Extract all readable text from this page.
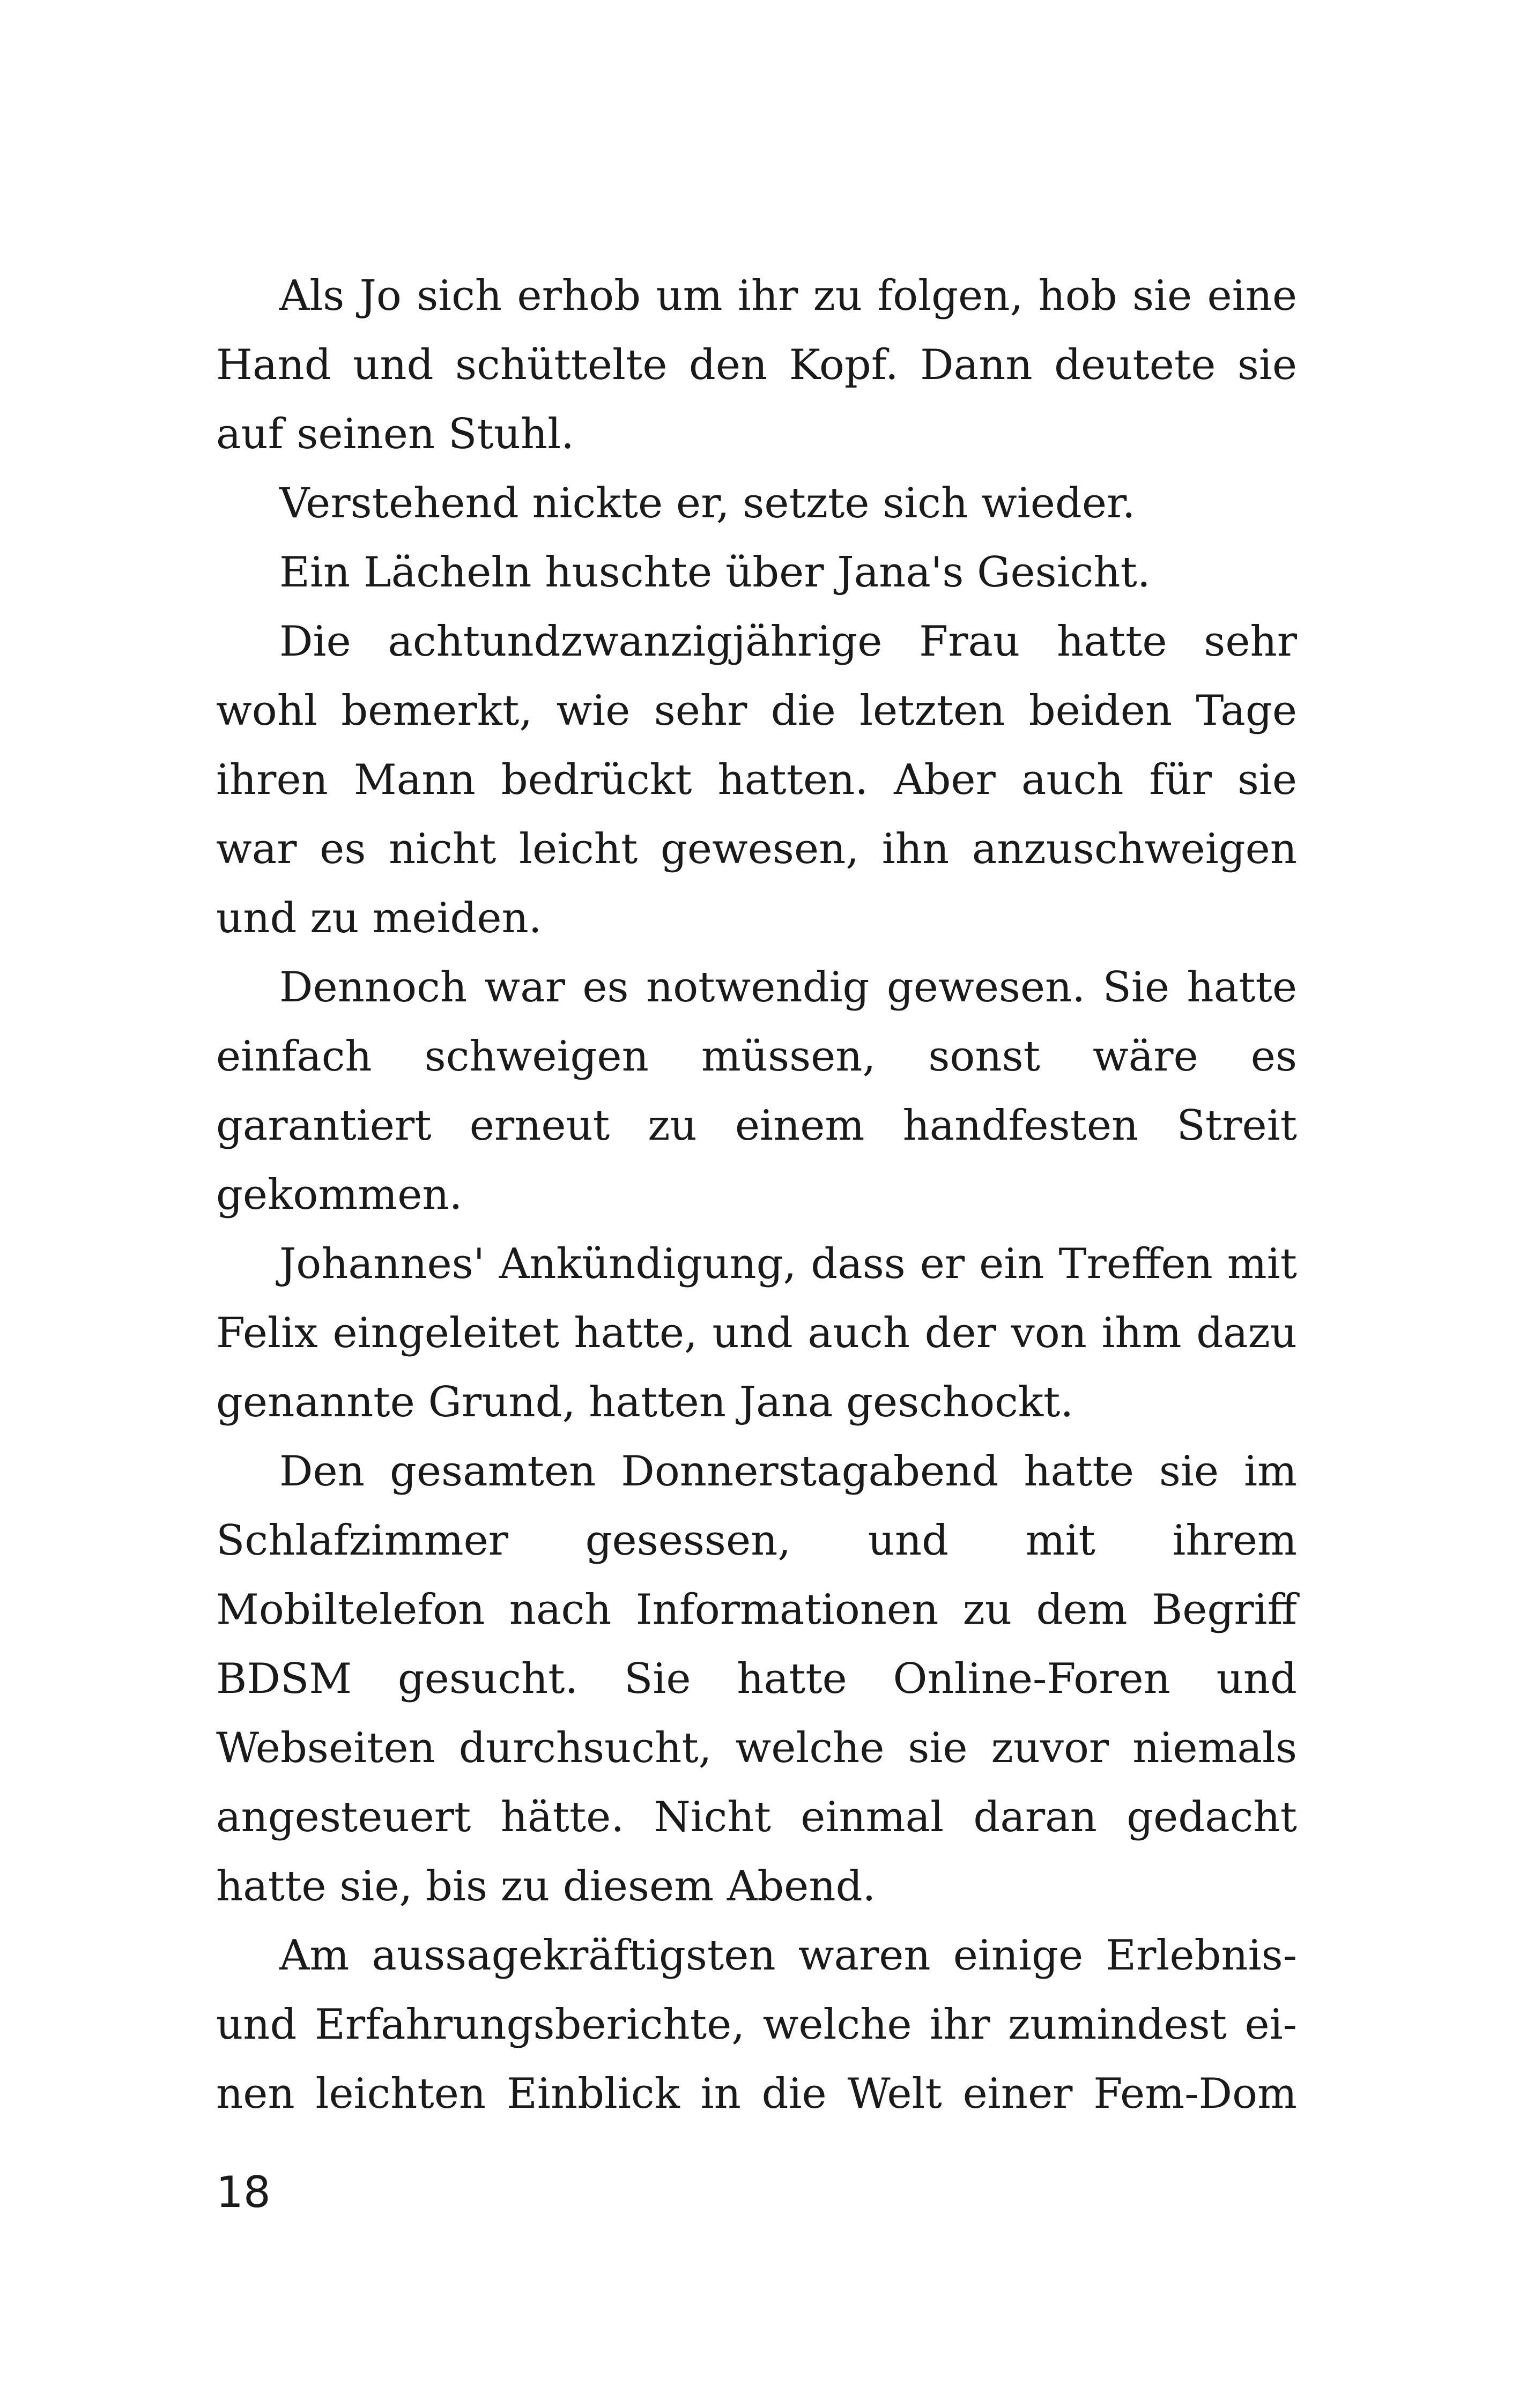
Als Jo sich erhob um ihr zu folgen, hob sie eine Hand und schüttelte den Kopf. Dann deutete sie auf seinen Stuhl.

Verstehend nickte er, setzte sich wieder.

Ein Lächeln huschte über Jana's Gesicht.

Die achtundzwanzigjährige Frau hatte sehr wohl bemerkt, wie sehr die letzten beiden Tage ihren Mann bedrückt hatten. Aber auch für sie war es nicht leicht gewesen, ihn anzuschweigen und zu meiden.

Dennoch war es notwendig gewesen. Sie hatte einfach schweigen müssen, sonst wäre es garantiert erneut zu einem handfesten Streit gekommen.

Johannes' Ankündigung, dass er ein Treffen mit Felix eingeleitet hatte, und auch der von ihm dazu genannte Grund, hatten Jana geschockt.

Den gesamten Donnerstagabend hatte sie im Schlafzimmer gesessen, und mit ihrem Mobiltelefon nach Informationen zu dem Begriff BDSM gesucht. Sie hatte Online-Foren und Webseiten durchsucht, welche sie zuvor niemals angesteuert hätte. Nicht einmal daran gedacht hatte sie, bis zu diesem Abend.

Am aussagekräftigsten waren einige Erlebnis- und Erfahrungsberichte, welche ihr zumindest ei-nen leichten Einblick in die Welt einer Fem-Dom

18
